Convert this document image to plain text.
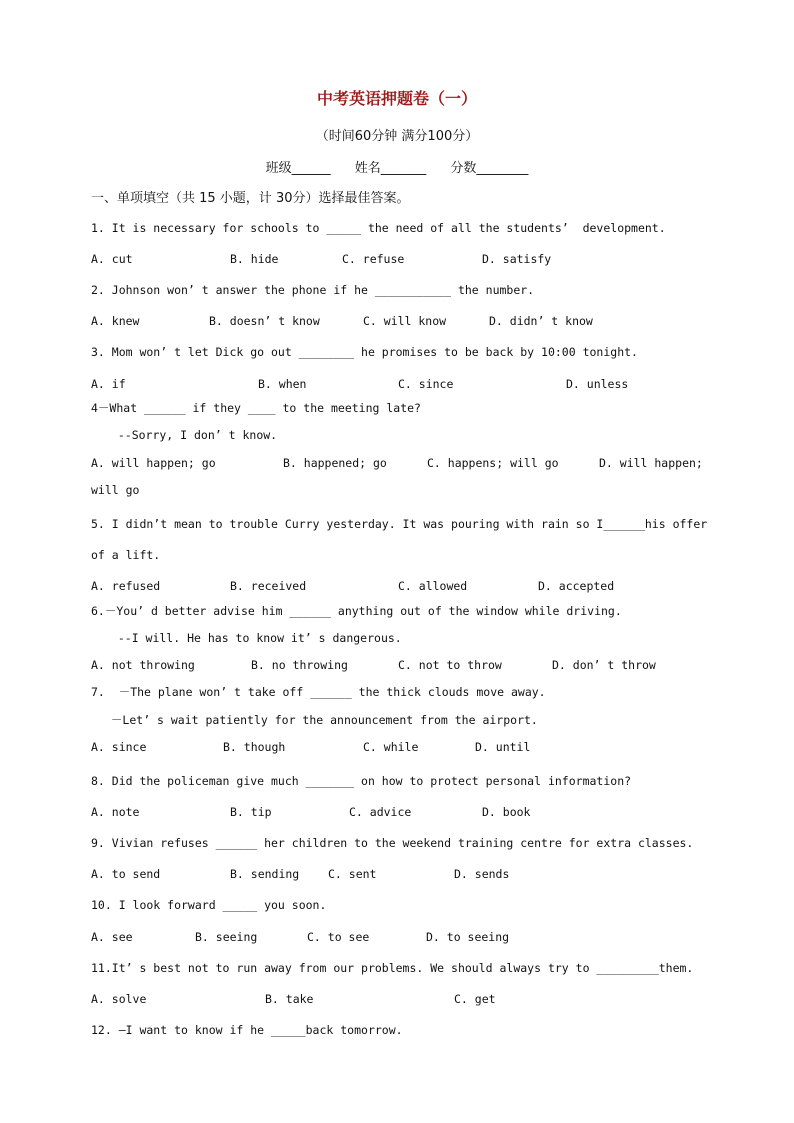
中考英语押题卷（一）
（时间60分钟 满分100分）
班级______ 姓名_______ 分数________
一、单项填空（共 15 小题，计 30分）选择最佳答案。
1. It is necessary for schools to _____ the need of all the students’  development.
A. cut	B. hide	C. refuse	D. satisfy
2. Johnson won’ t answer the phone if he ___________ the number.
A. knew	B. doesn’ t know	C. will know	D. didn’ t know
3. Mom won’ t let Dick go out ________ he promises to be back by 10:00 tonight.
A. if	B. when	C. since	D. unless
4－What ______ if they ____ to the meeting late?
--Sorry, I don’ t know.
A. will happen; go	B. happened; go	C. happens; will go	D. will happen;
will go
5. I didn’t mean to trouble Curry yesterday. It was pouring with rain so I______his offer
of a lift.
A. refused	B. received	C. allowed	D. accepted
6.－You’ d better advise him ______ anything out of the window while driving.
--I will. He has to know it’ s dangerous.
A. not throwing	B. no throwing	C. not to throw	D. don’ t throw
7.  －The plane won’ t take off ______ the thick clouds move away.
－Let’ s wait patiently for the announcement from the airport.
A. since	B. though	C. while	D. until
8. Did the policeman give much _______ on how to protect personal information?
A. note	B. tip	C. advice	D. book
9. Vivian refuses ______ her children to the weekend training centre for extra classes.
A. to send	B. sending	C. sent	D. sends
10. I look forward _____ you soon.
A. see	B. seeing	C. to see	D. to seeing
11.It’ s best not to run away from our problems. We should always try to _________them.
A. solve	B. take	C. get
12. —I want to know if he _____back tomorrow.
